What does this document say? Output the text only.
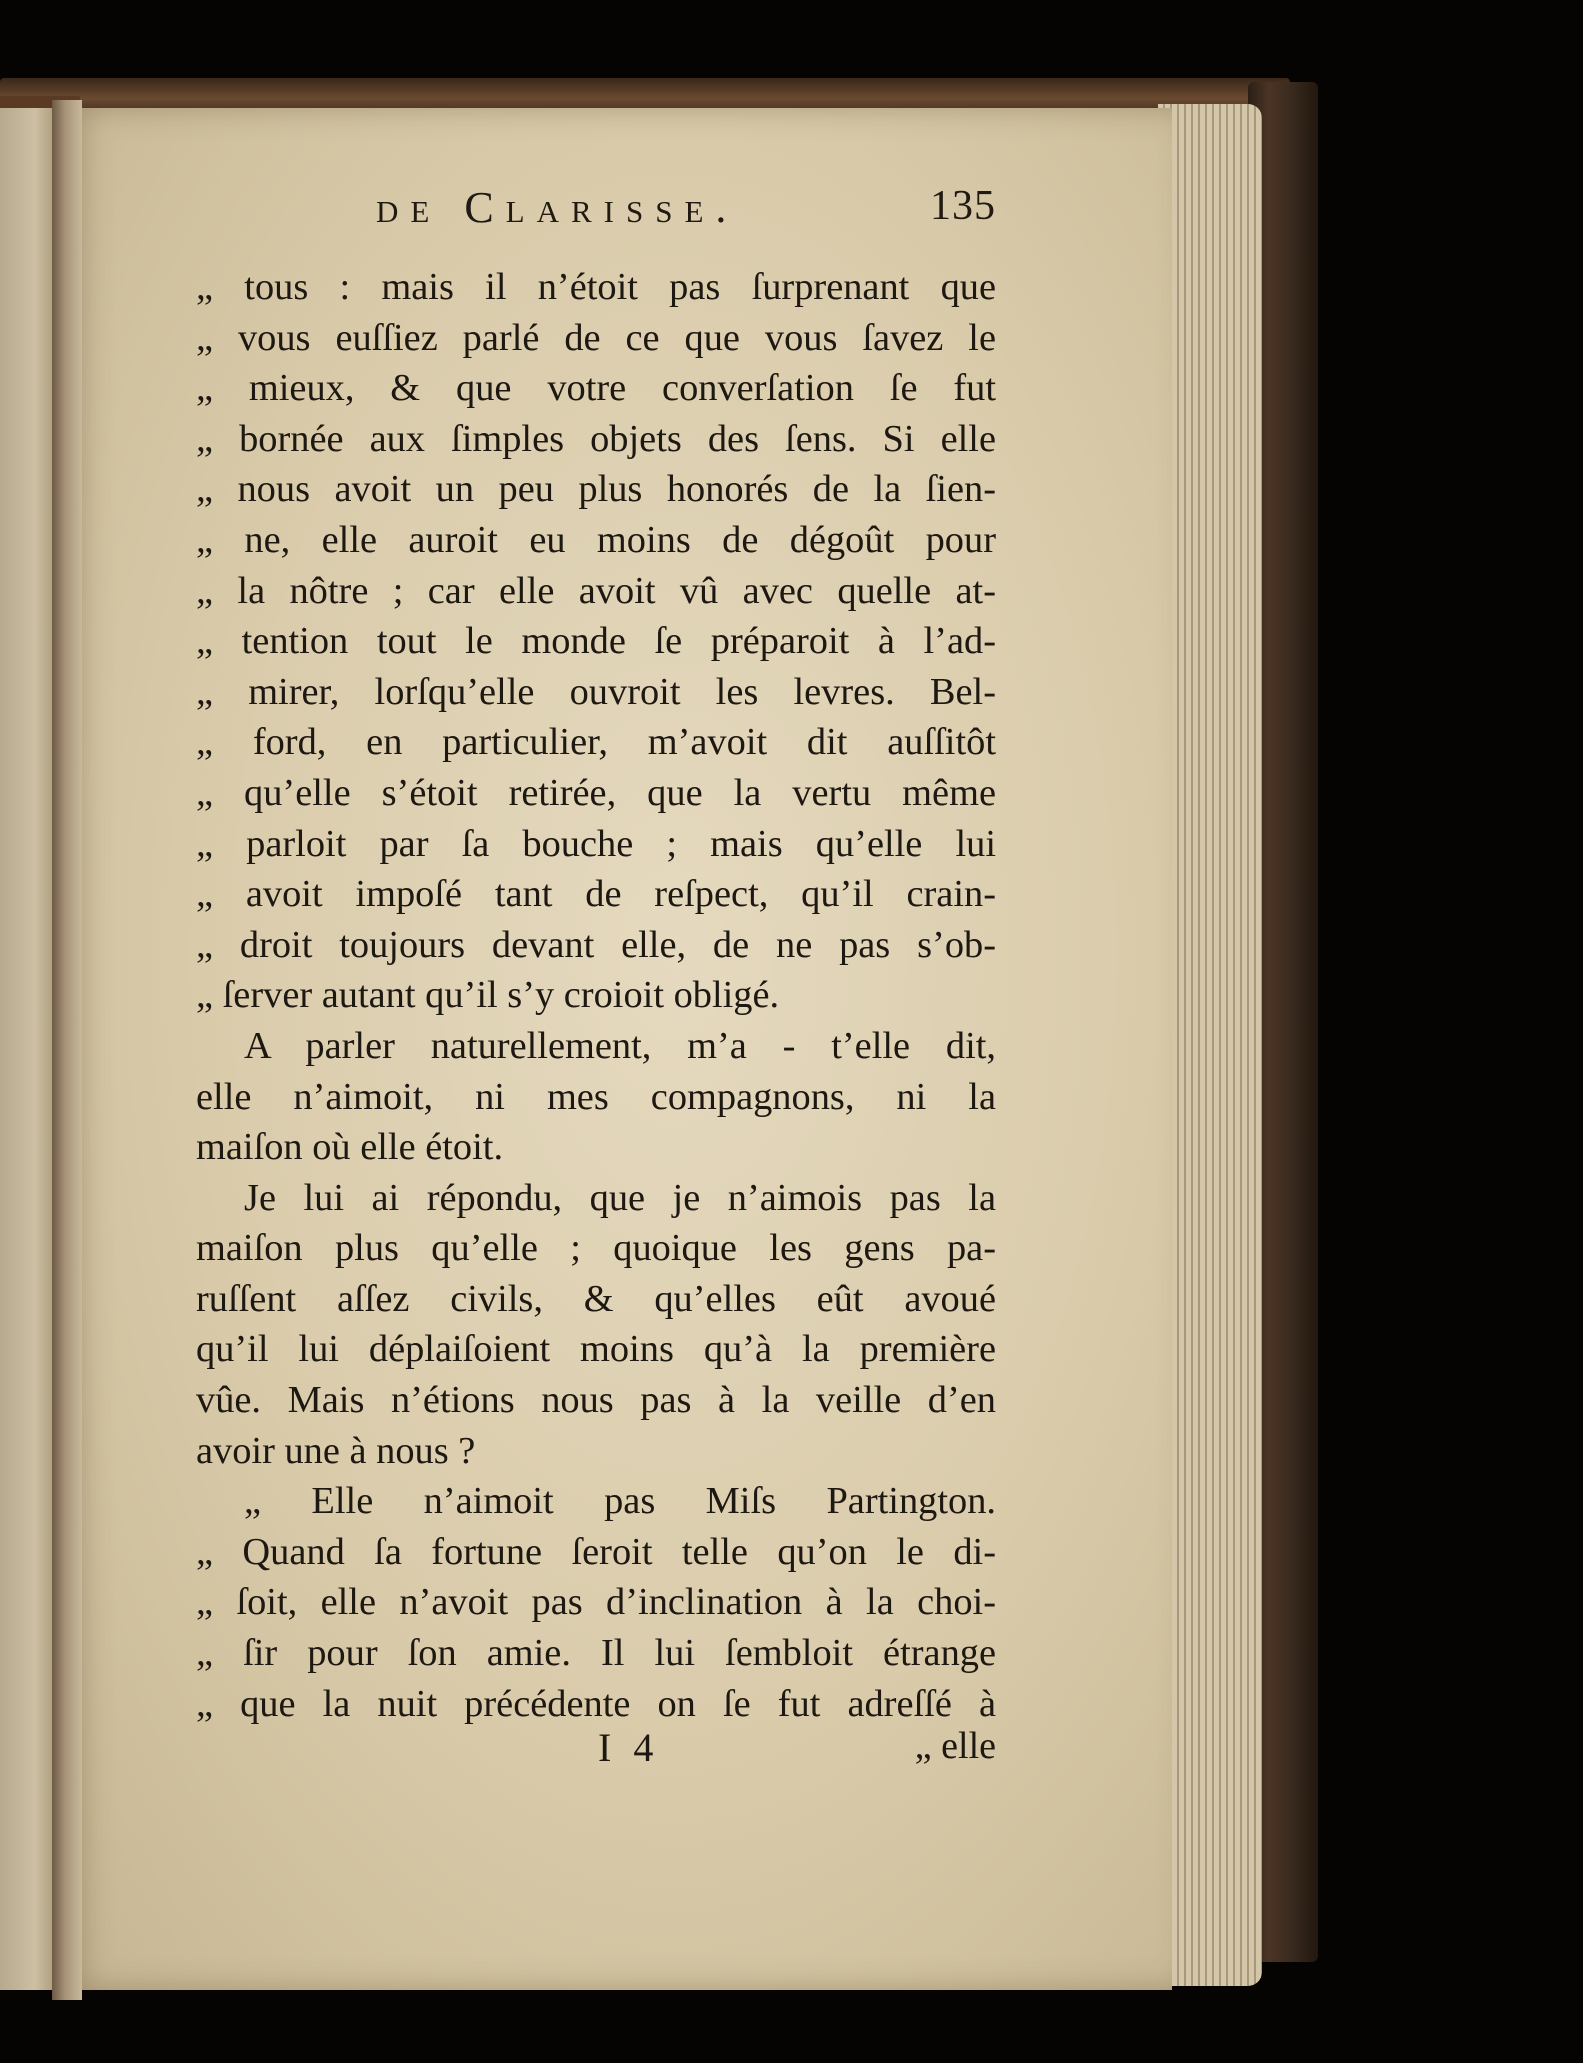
de Clarisse.	135
„ tous : mais il n’étoit pas ſurprenant que
„ vous euſſiez parlé de ce que vous ſavez le
„ mieux, & que votre converſation ſe fut
„ bornée aux ſimples objets des ſens. Si elle
„ nous avoit un peu plus honorés de la ſien-
„ ne, elle auroit eu moins de dégoût pour
„ la nôtre ; car elle avoit vû avec quelle at-
„ tention tout le monde ſe préparoit à l’ad-
„ mirer, lorſqu’elle ouvroit les levres. Bel-
„ ford, en particulier, m’avoit dit auſſitôt
„ qu’elle s’étoit retirée, que la vertu même
„ parloit par ſa bouche ; mais qu’elle lui
„ avoit impoſé tant de reſpect, qu’il crain-
„ droit toujours devant elle, de ne pas s’ob-
„ ſerver autant qu’il s’y croioit obligé.
A parler naturellement, m’a - t’elle dit,
elle n’aimoit, ni mes compagnons, ni la
maiſon où elle étoit.
Je lui ai répondu, que je n’aimois pas la
maiſon plus qu’elle ; quoique les gens pa-
ruſſent aſſez civils, & qu’elles eût avoué
qu’il lui déplaiſoient moins qu’à la première
vûe. Mais n’étions nous pas à la veille d’en
avoir une à nous ?
„ Elle n’aimoit pas Miſs Partington.
„ Quand ſa fortune ſeroit telle qu’on le di-
„ ſoit, elle n’avoit pas d’inclination à la choi-
„ ſir pour ſon amie. Il lui ſembloit étrange
„ que la nuit précédente on ſe fut adreſſé à
I 4	„ elle
